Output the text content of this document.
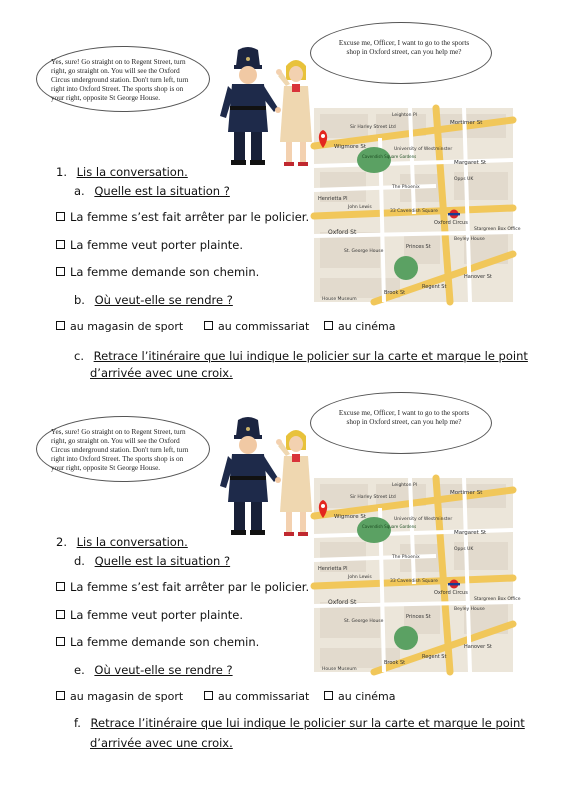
Yes, sure! Go straight on to Regent Street, turn right, go straight on. You will see the Oxford Circus underground station. Don't turn left, turn right into Oxford Street. The sports shop is on your right, opposite St George House.
Excuse me, Officer, I want to go to the sports shop in Oxford street, can you help me?
Leighton Pl
Mortimer St
Sir Harley Street Ltd
Wigmore St	University of Westminster
Cavendish Square Gardens
Margaret St
The Phoenix
Opps UK
Henrietta Pl
Oxford Circus
John Lewis
33 Cavendish Square
Oxford St
St. George House
Princes St
Beyley House
Stargreen Box Office
Regent St
Hanover St
Brook St
House Museum
1. Lis la conversation.
a. Quelle est la situation ?
La femme s’est fait arrêter par le policier.
La femme veut porter plainte.
La femme demande son chemin.
b. Où veut-elle se rendre ?
au magasin de sport	au commissariat	au cinéma
c. Retrace l’itinéraire que lui indique le policier sur la carte et marque le point
d’arrivée avec une croix.
Yes, sure! Go straight on to Regent Street, turn right, go straight on. You will see the Oxford Circus underground station. Don't turn left, turn right into Oxford Street. The sports shop is on your right, opposite St George House.
Excuse me, Officer, I want to go to the sports shop in Oxford street, can you help me?
Leighton Pl
Mortimer St
Sir Harley Street Ltd
Wigmore St	University of Westminster
Cavendish Square Gardens
Margaret St
The Phoenix
Opps UK
Henrietta Pl
Oxford Circus
John Lewis
33 Cavendish Square
Oxford St
St. George House
Princes St
Beyley House
Stargreen Box Office
Regent St
Hanover St
Brook St
House Museum
2. Lis la conversation.
d. Quelle est la situation ?
La femme s’est fait arrêter par le policier.
La femme veut porter plainte.
La femme demande son chemin.
e. Où veut-elle se rendre ?
au magasin de sport	au commissariat	au cinéma
f. Retrace l’itinéraire que lui indique le policier sur la carte et marque le point
d’arrivée avec une croix.
